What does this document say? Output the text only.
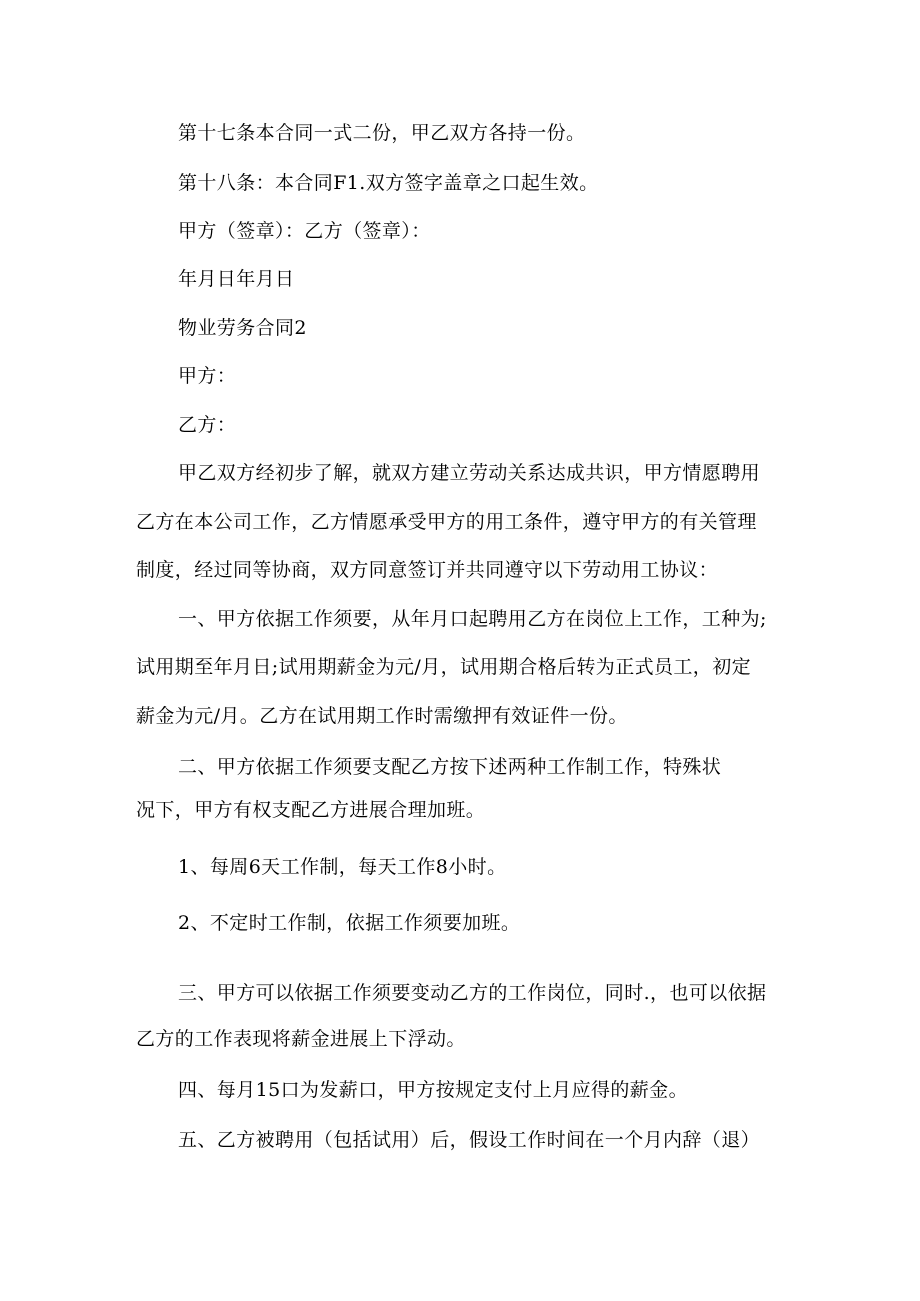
第十七条本合同一式二份，甲乙双方各持一份。
第十八条：本合同F1.双方签字盖章之口起生效。
甲方（签章）：乙方（签章）：
年月日年月日
物业劳务合同2
甲方：
乙方：
甲乙双方经初步了解，就双方建立劳动关系达成共识，甲方情愿聘用
乙方在本公司工作，乙方情愿承受甲方的用工条件，遵守甲方的有关管理
制度，经过同等协商，双方同意签订并共同遵守以下劳动用工协议：
一、甲方依据工作须要，从年月口起聘用乙方在岗位上工作，工种为;
试用期至年月日;试用期薪金为元/月，试用期合格后转为正式员工，初定
薪金为元/月。乙方在试用期工作时需缴押有效证件一份。
二、甲方依据工作须要支配乙方按下述两种工作制工作，特殊状
况下，甲方有权支配乙方进展合理加班。
1、每周6天工作制，每天工作8小时。
2、不定时工作制，依据工作须要加班。
三、甲方可以依据工作须要变动乙方的工作岗位，同时.，也可以依据
乙方的工作表现将薪金进展上下浮动。
四、每月15口为发薪口，甲方按规定支付上月应得的薪金。
五、乙方被聘用（包括试用）后，假设工作时间在一个月内辞（退）
